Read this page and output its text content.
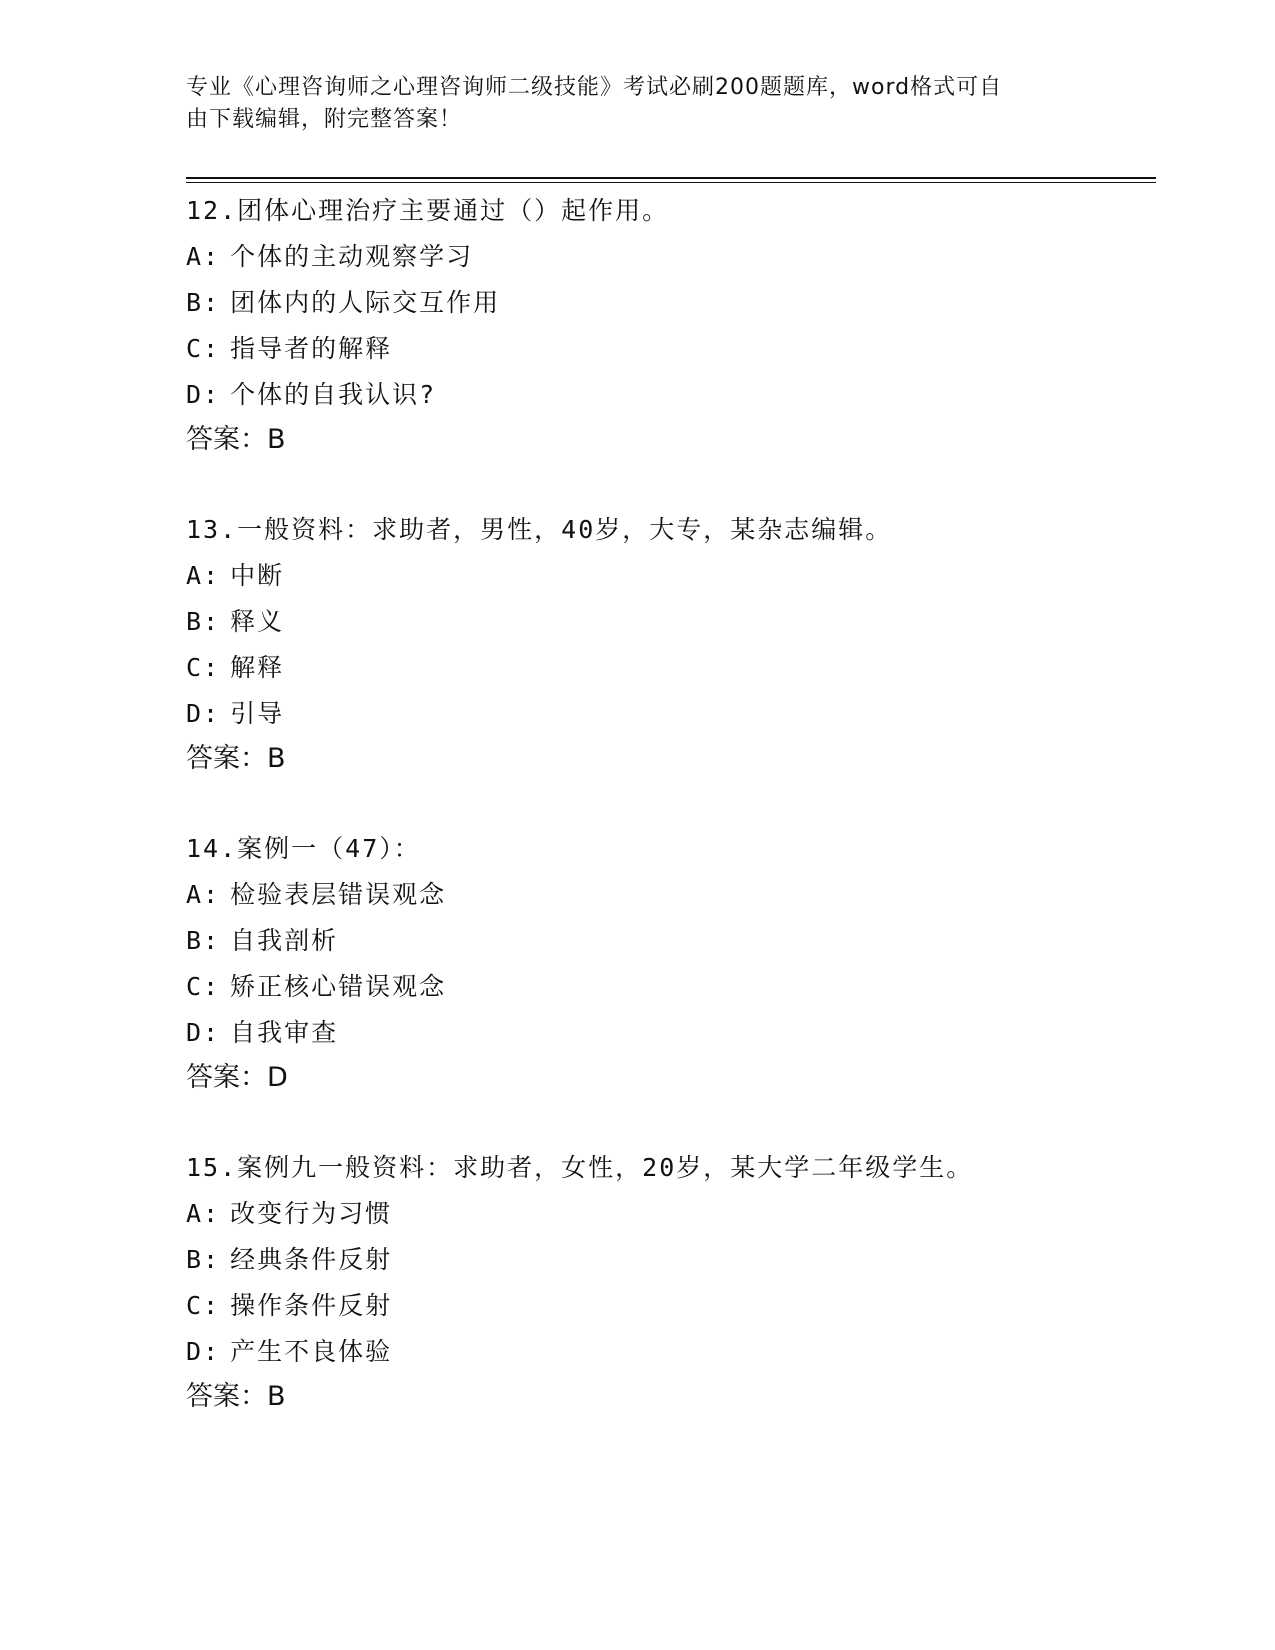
专业《心理咨询师之心理咨询师二级技能》考试必刷200题题库，word格式可自
由下载编辑，附完整答案！
12.团体心理治疗主要通过（）起作用。
A: 个体的主动观察学习
B: 团体内的人际交互作用
C: 指导者的解释
D: 个体的自我认识?
答案：B
13.一般资料：求助者，男性，40岁，大专，某杂志编辑。
A: 中断
B: 释义
C: 解释
D: 引导
答案：B
14.案例一（47）：
A: 检验表层错误观念
B: 自我剖析
C: 矫正核心错误观念
D: 自我审查
答案：D
15.案例九一般资料：求助者，女性，20岁，某大学二年级学生。
A: 改变行为习惯
B: 经典条件反射
C: 操作条件反射
D: 产生不良体验
答案：B
